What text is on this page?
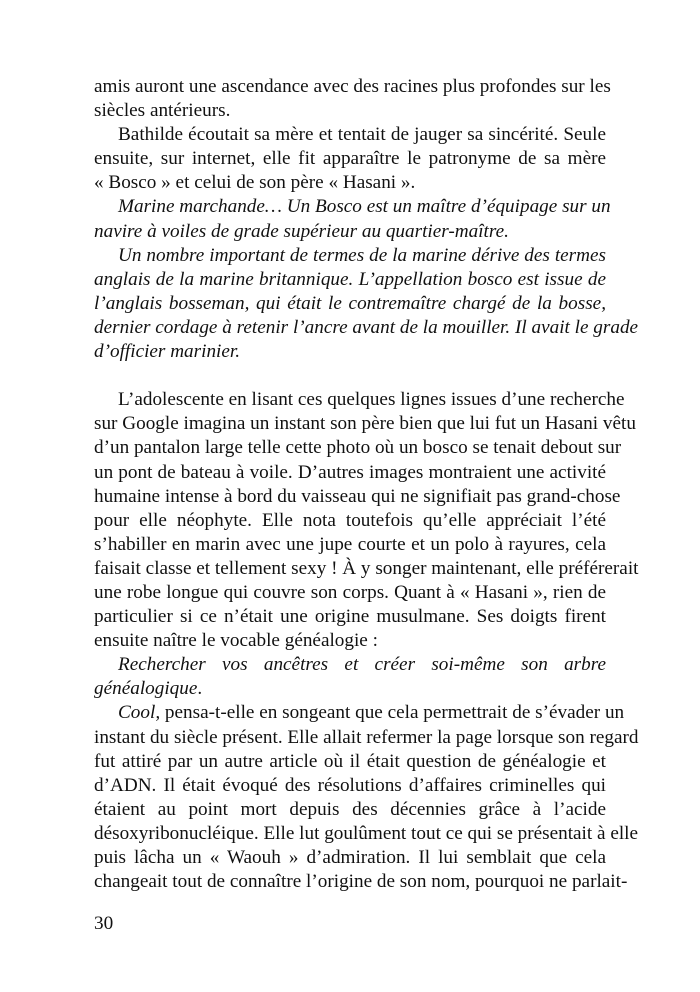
amis auront une ascendance avec des racines plus profondes sur les
siècles antérieurs.
Bathilde écoutait sa mère et tentait de jauger sa sincérité. Seule
ensuite, sur internet, elle fit apparaître le patronyme de sa mère
« Bosco » et celui de son père « Hasani ».
Marine marchande… Un Bosco est un maître d’équipage sur un
navire à voiles de grade supérieur au quartier-maître.
Un nombre important de termes de la marine dérive des termes
anglais de la marine britannique. L’appellation bosco est issue de
l’anglais bosseman, qui était le contremaître chargé de la bosse,
dernier cordage à retenir l’ancre avant de la mouiller. Il avait le grade
d’officier marinier.
L’adolescente en lisant ces quelques lignes issues d’une recherche
sur Google imagina un instant son père bien que lui fut un Hasani vêtu
d’un pantalon large telle cette photo où un bosco se tenait debout sur
un pont de bateau à voile. D’autres images montraient une activité
humaine intense à bord du vaisseau qui ne signifiait pas grand-chose
pour elle néophyte. Elle nota toutefois qu’elle appréciait l’été
s’habiller en marin avec une jupe courte et un polo à rayures, cela
faisait classe et tellement sexy ! À y songer maintenant, elle préférerait
une robe longue qui couvre son corps. Quant à « Hasani », rien de
particulier si ce n’était une origine musulmane. Ses doigts firent
ensuite naître le vocable généalogie :
Rechercher vos ancêtres et créer soi-même son arbre
généalogique.
Cool, pensa-t-elle en songeant que cela permettrait de s’évader un
instant du siècle présent. Elle allait refermer la page lorsque son regard
fut attiré par un autre article où il était question de généalogie et
d’ADN. Il était évoqué des résolutions d’affaires criminelles qui
étaient au point mort depuis des décennies grâce à l’acide
désoxyribonucléique. Elle lut goulûment tout ce qui se présentait à elle
puis lâcha un « Waouh » d’admiration. Il lui semblait que cela
changeait tout de connaître l’origine de son nom, pourquoi ne parlait-
30
